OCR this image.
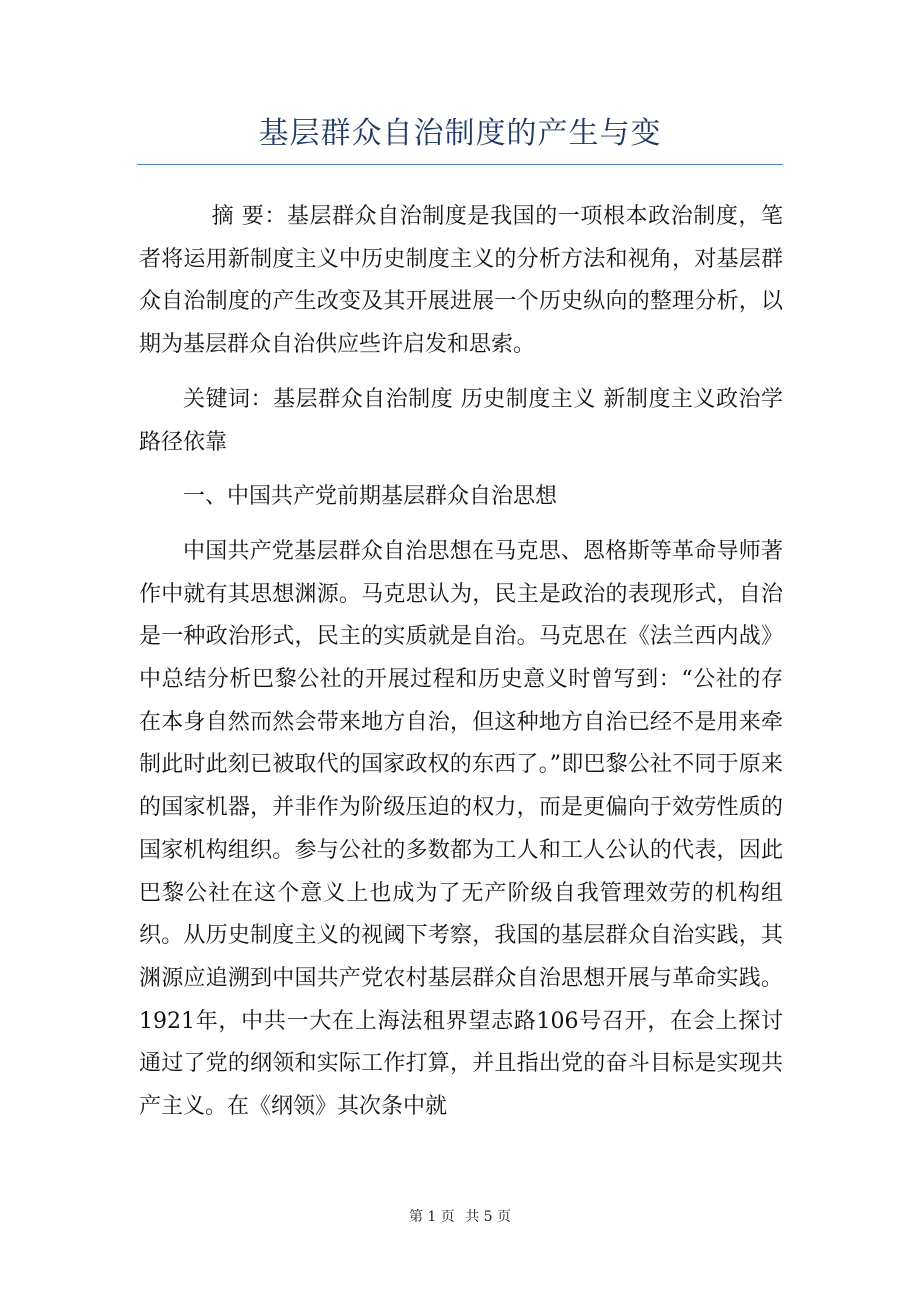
基层群众自治制度的产生与变

摘 要：基层群众自治制度是我国的一项根本政治制度，笔者将运用新制度主义中历史制度主义的分析方法和视角，对基层群众自治制度的产生改变及其开展进展一个历史纵向的整理分析，以期为基层群众自治供应些许启发和思索。

关键词：基层群众自治制度 历史制度主义 新制度主义政治学 路径依靠

一、中国共产党前期基层群众自治思想

中国共产党基层群众自治思想在马克思、恩格斯等革命导师著作中就有其思想渊源。马克思认为，民主是政治的表现形式，自治是一种政治形式，民主的实质就是自治。马克思在《法兰西内战》中总结分析巴黎公社的开展过程和历史意义时曾写到：“公社的存在本身自然而然会带来地方自治，但这种地方自治已经不是用来牵制此时此刻已被取代的国家政权的东西了。”即巴黎公社不同于原来的国家机器，并非作为阶级压迫的权力，而是更偏向于效劳性质的国家机构组织。参与公社的多数都为工人和工人公认的代表，因此巴黎公社在这个意义上也成为了无产阶级自我管理效劳的机构组织。从历史制度主义的视阈下考察，我国的基层群众自治实践，其渊源应追溯到中国共产党农村基层群众自治思想开展与革命实践。1921年，中共一大在上海法租界望志路106号召开，在会上探讨通过了党的纲领和实际工作打算，并且指出党的奋斗目标是实现共产主义。在《纲领》其次条中就

第 1 页 共 5 页
